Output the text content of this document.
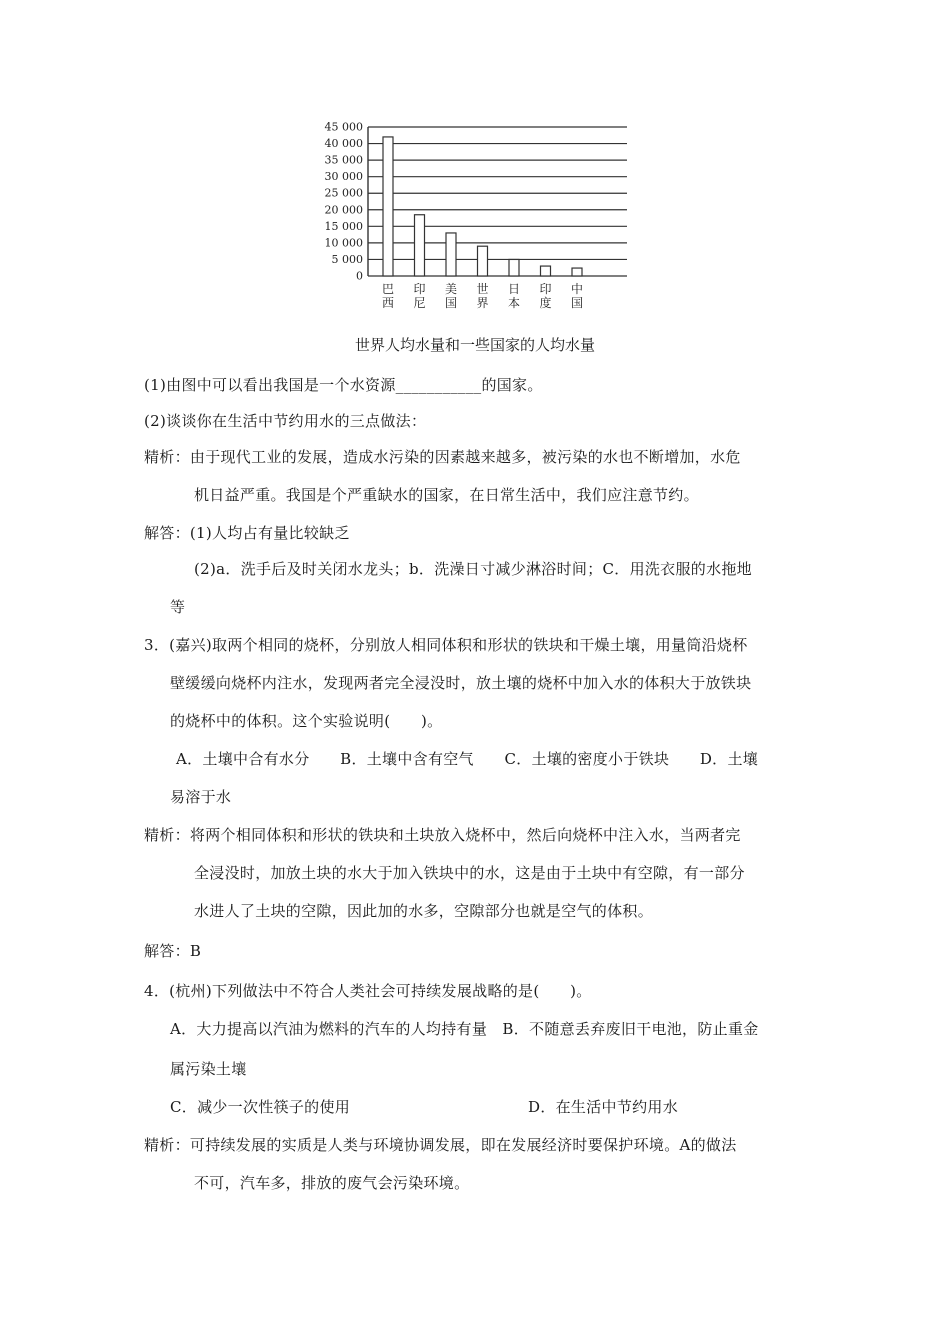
45 000
40 000
35 000
30 000
25 000
20 000
15 000
10 000
5 000
0
巴
西
印
尼
美
国
世
界
日
本
印
度
中
国
世界人均水量和一些国家的人均水量
(1)由图中可以看出我国是一个水资源___________的国家。
(2)谈谈你在生活中节约用水的三点做法：
精析：由于现代工业的发展，造成水污染的因素越来越多，被污染的水也不断增加，水危
机日益严重。我国是个严重缺水的国家，在日常生活中，我们应注意节约。
解答：(1)人均占有量比较缺乏
(2)a．洗手后及时关闭水龙头；b．洗澡日寸减少淋浴时间；C．用洗衣服的水拖地
等
3．(嘉兴)取两个相同的烧杯，分别放人相同体积和形状的铁块和干燥土壤，用量筒沿烧杯
壁缓缓向烧杯内注水，发现两者完全浸没时，放土壤的烧杯中加入水的体积大于放铁块
的烧杯中的体积。这个实验说明(　　)。
A．土壤中合有水分　　B．土壤中含有空气　　C．土壤的密度小于铁块　　D．土壤
易溶于水
精析：将两个相同体积和形状的铁块和土块放入烧杯中，然后向烧杯中注入水，当两者完
全浸没时，加放土块的水大于加入铁块中的水，这是由于土块中有空隙，有一部分
水进人了土块的空隙，因此加的水多，空隙部分也就是空气的体积。
解答：B
4．(杭州)下列做法中不符合人类社会可持续发展战略的是(　　)。
A．大力提高以汽油为燃料的汽车的人均持有量　B．不随意丢弃废旧干电池，防止重金
属污染土壤
C．减少一次性筷子的使用	D．在生活中节约用水
精析：可持续发展的实质是人类与环境协调发展，即在发展经济时要保护环境。A的做法
不可，汽车多，排放的废气会污染环境。
